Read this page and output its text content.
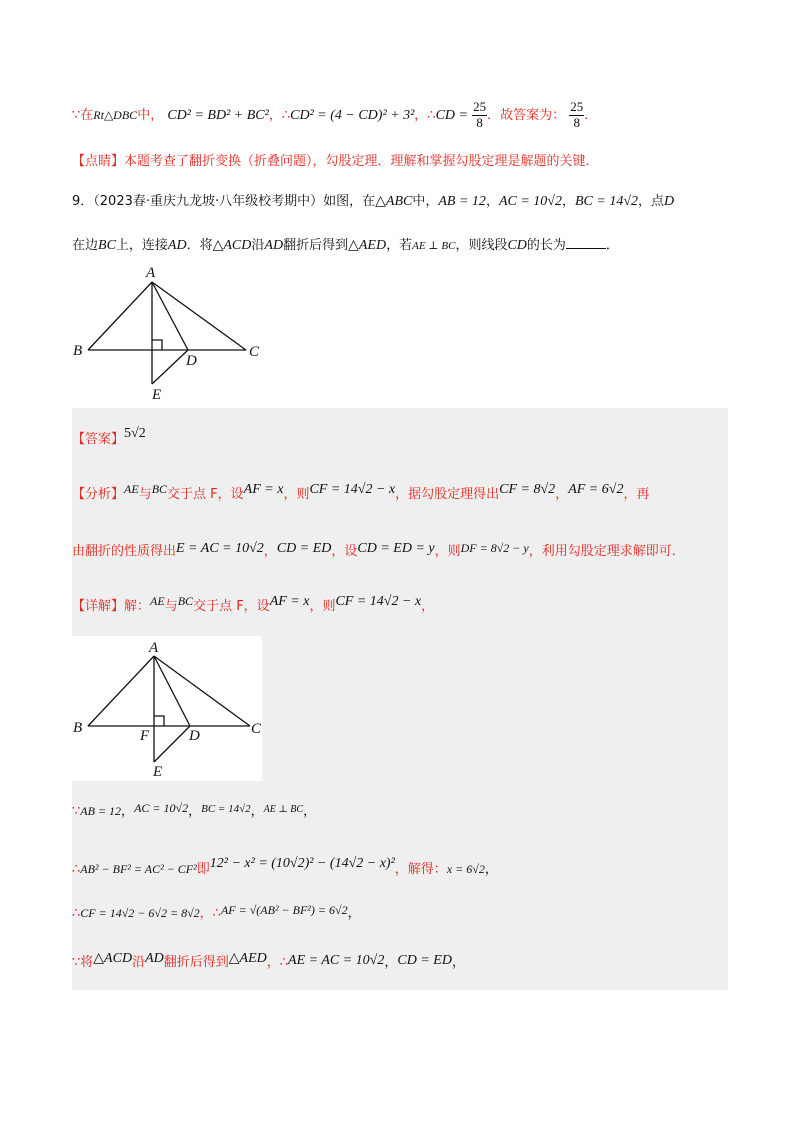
∵在Rt△DBC中， CD² = BD² + BC²，∴CD² = (4 − CD)² + 3²，∴CD = $\frac{25}{8}$ ．故答案为： $\frac{25}{8}$ ．
【点睛】本题考查了翻折变换（折叠问题），勾股定理．理解和掌握勾股定理是解题的关键．
9．（2023春·重庆九龙坡·八年级校考期中）如图，在△ABC中，AB = 12，AC = 10√2，BC = 14√2，点D
在边BC上，连接AD．将△ACD沿AD翻折后得到△AED，若AE ⊥ BC，则线段CD的长为	．
A
B	C
D
E
【答案】5√2
【分析】AE与BC交于点 F，设AF = x，则CF = 14√2 − x，据勾股定理得出CF = 8√2，AF = 6√2，再
由翻折的性质得出E = AC = 10√2，CD = ED，设CD = ED = y，则DF = 8√2 − y，利用勾股定理求解即可．
【详解】解：AE与BC交于点 F，设AF = x，则CF = 14√2 − x，
A
B	C
F	D
E
∵AB = 12，AC = 10√2，$^{BC = 14√2}$，$^{AE \perp BC}$，
∴AB² − BF² = AC² − CF²即12² − x² = (10√2)² − (14√2 − x)²，解得：x = 6√2，
∴CF = 14√2 − 6√2 = 8√2，∴AF = √(AB² − BF²) = 6√2，
∵将△ACD沿AD翻折后得到△AED，∴AE = AC = 10√2，CD = ED，
